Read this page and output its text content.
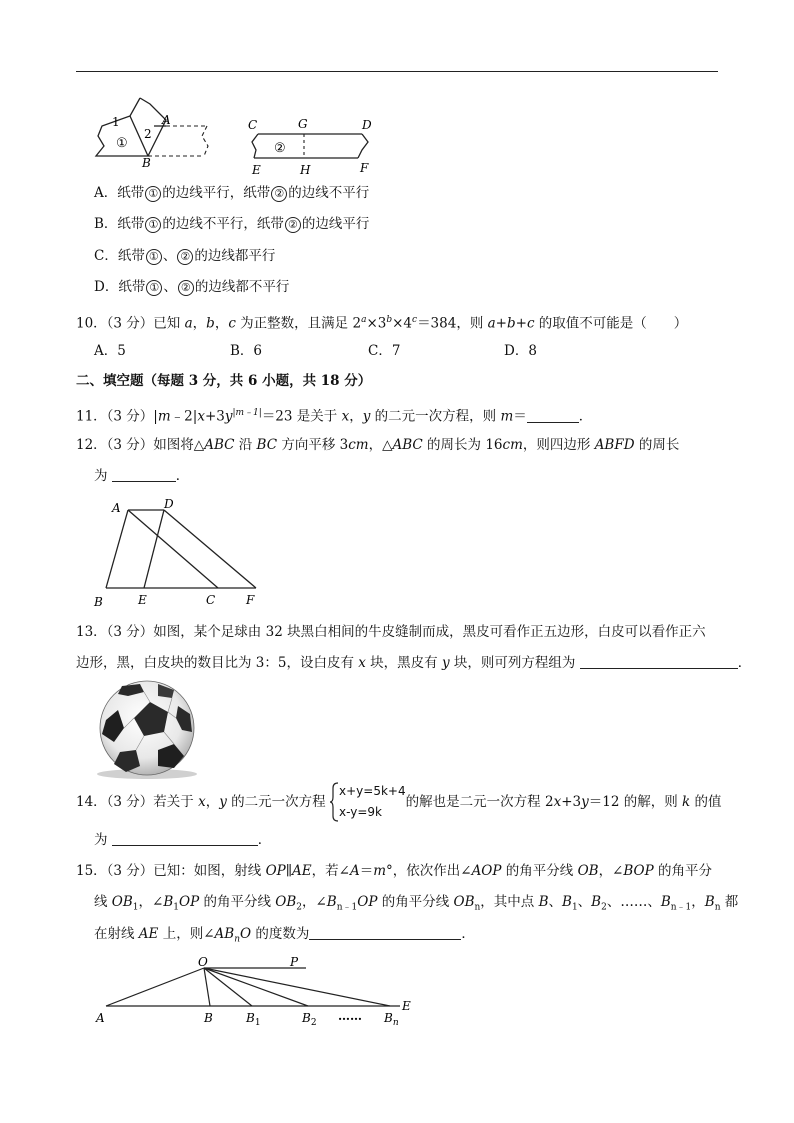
1
2
A
B
①
C	G	D
E	H	F
②
A．纸带 ① 的边线平行，纸带 ② 的边线不平行
B．纸带 ① 的边线不平行，纸带 ② 的边线平行
C．纸带 ① 、 ② 的边线都平行
D．纸带 ① 、 ② 的边线都不平行
10．（3 分）已知 a，b，c 为正整数，且满足 $2^a\times 3^b\times 4^c=384$，则 a+b+c 的取值不可能是（　　）
A．5	B．6	C．7	D．8
二、填空题（每题 3 分，共 6 小题，共 18 分）
11．（3 分）$|m﹣2|x+3y^{|m﹣1|}=23$ 是关于 x，y 的二元一次方程，则 m＝	．
12．（3 分）如图将△ABC 沿 BC 方向平移 3cm，△ABC 的周长为 16cm，则四边形 ABFD 的周长
为	．
A	D
B	E	C	F
13．（3 分）如图，某个足球由 32 块黑白相间的牛皮缝制而成，黑皮可看作正五边形，白皮可以看作正六
边形，黑，白皮块的数目比为 3：5，设白皮有 x 块，黑皮有 y 块，则可列方程组为	．
14．（3 分）若关于 x，y 的二元一次方程	的解也是二元一次方程 2x+3y＝12 的解，则 k 的值
x+y=5k+4
x-y=9k
为	．
15．（3 分）已知：如图，射线 OP∥AE，若∠A＝m°，依次作出∠AOP 的角平分线 OB，∠BOP 的角平分
线 $OB_1$，$\angle B_1OP$ 的角平分线 $OB_2$，$\angle B_{n﹣1}OP$ 的角平分线 $OB_n$，其中点 B、$B_1$、$B_2$、……、$B_{n﹣1}$，$B_n$ 都
在射线 AE 上，则$\angle AB_nO$ 的度数为	．
O	P
A	B	$B_1$	$B_2$ …… $B_n$
E
